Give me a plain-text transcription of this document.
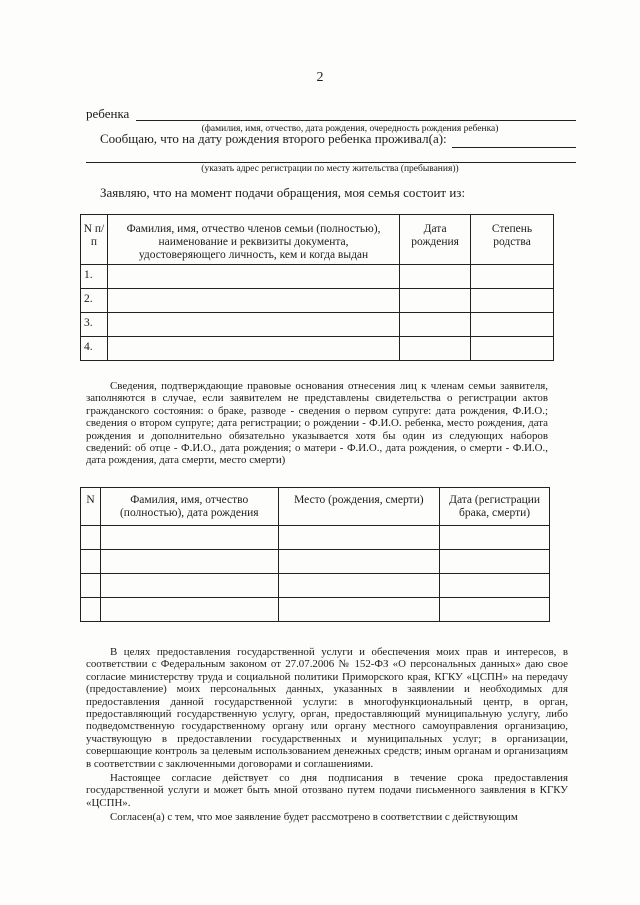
2
ребенка
(фамилия, имя, отчество, дата рождения, очередность рождения ребенка)
Сообщаю, что на дату рождения второго ребенка проживал(а):
(указать адрес регистрации по месту жительства (пребывания))
Заявляю, что на момент подачи обращения, моя семья состоит из:
N п/п	Фамилия, имя, отчество членов семьи (полностью), наименование и реквизиты документа, удостоверяющего личность, кем и когда выдан	Дата рождения	Степень родства
1.			
2.			
3.			
4.			

Сведения, подтверждающие правовые основания отнесения лиц к членам семьи заявителя, заполняются в случае, если заявителем не представлены свидетельства о регистрации актов гражданского состояния: о браке, разводе - сведения о первом супруге: дата рождения, Ф.И.О.; сведения о втором супруге; дата регистрации; о рождении - Ф.И.О. ребенка, место рождения, дата рождения и дополнительно обязательно указывается хотя бы один из следующих наборов сведений: об отце - Ф.И.О., дата рождения; о матери - Ф.И.О., дата рождения, о смерти - Ф.И.О., дата рождения, дата смерти, место смерти)

N	Фамилия, имя, отчество (полностью), дата рождения	Место (рождения, смерти)	Дата (регистрации брака, смерти)

В целях предоставления государственной услуги и обеспечения моих прав и интересов, в соответствии с Федеральным законом от 27.07.2006 № 152-ФЗ «О персональных данных» даю свое согласие министерству труда и социальной политики Приморского края, КГКУ «ЦСПН» на передачу (предоставление) моих персональных данных, указанных в заявлении и необходимых для предоставления данной государственной услуги: в многофункциональный центр, в орган, предоставляющий государственную услугу, орган, предоставляющий муниципальную услугу, либо подведомственную государственному органу или органу местного самоуправления организацию, участвующую в предоставлении государственных и муниципальных услуг; в организации, совершающие контроль за целевым использованием денежных средств; иным органам и организациям в соответствии с заключенными договорами и соглашениями.

Настоящее согласие действует со дня подписания в течение срока предоставления государственной услуги и может быть мной отозвано путем подачи письменного заявления в КГКУ «ЦСПН».

Согласен(а) с тем, что мое заявление будет рассмотрено в соответствии с действующим
